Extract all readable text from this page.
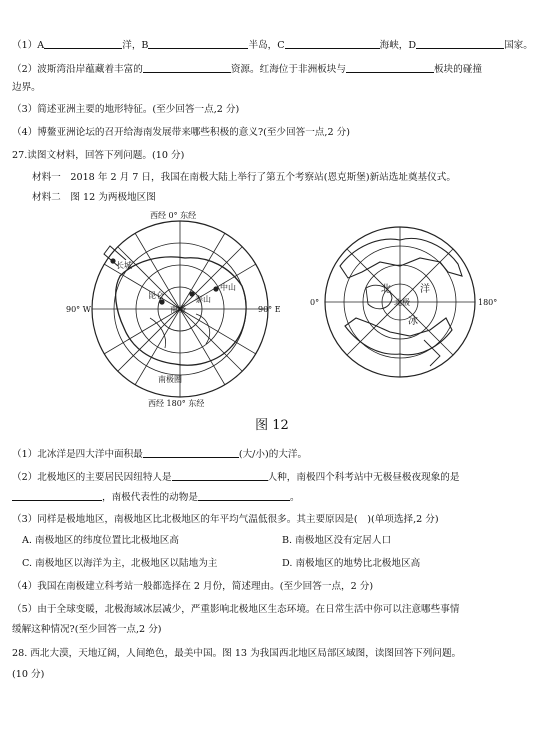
（1）A	洋，B	半岛，C	海峡，D	国家。
（2）波斯湾沿岸蕴藏着丰富的	资源。红海位于非洲板块与	板块的碰撞
边界。
（3）简述亚洲主要的地形特征。(至少回答一点,2 分)
（4）博鳌亚洲论坛的召开给海南发展带来哪些积极的意义?(至少回答一点,2 分)
27.读图文材料，回答下列问题。(10 分)
材料一　2018 年 2 月 7 日，我国在南极大陆上举行了第五个考察站(恩克斯堡)新站选址奠基仪式。
材料二　图 12 为两极地区图
西经 0° 东经
西经 180° 东经
90° W	90° E
南极
长城
中山
泰山
昆仑
南极圈
0°	180°
北	洋
冰
北极
图 12
（1）北冰洋是四大洋中面积最	(大/小)的大洋。
（2）北极地区的主要居民因纽特人是	人种，南极四个科考站中无极昼极夜现象的是
，南极代表性的动物是	。
（3）同样是极地地区，南极地区比北极地区的年平均气温低很多。其主要原因是(　)(单项选择,2 分)
A. 南极地区的纬度位置比北极地区高	B. 南极地区没有定居人口
C. 南极地区以海洋为主，北极地区以陆地为主	D. 南极地区的地势比北极地区高
（4）我国在南极建立科考站一般都选择在 2 月份，简述理由。(至少回答一点，2 分)
（5）由于全球变暖，北极海域冰层减少，严重影响北极地区生态环境。在日常生活中你可以注意哪些事情
缓解这种情况?(至少回答一点,2 分)
28. 西北大漠，天地辽阔，人间绝色，最美中国。图 13 为我国西北地区局部区域图，读图回答下列问题。
(10 分)
